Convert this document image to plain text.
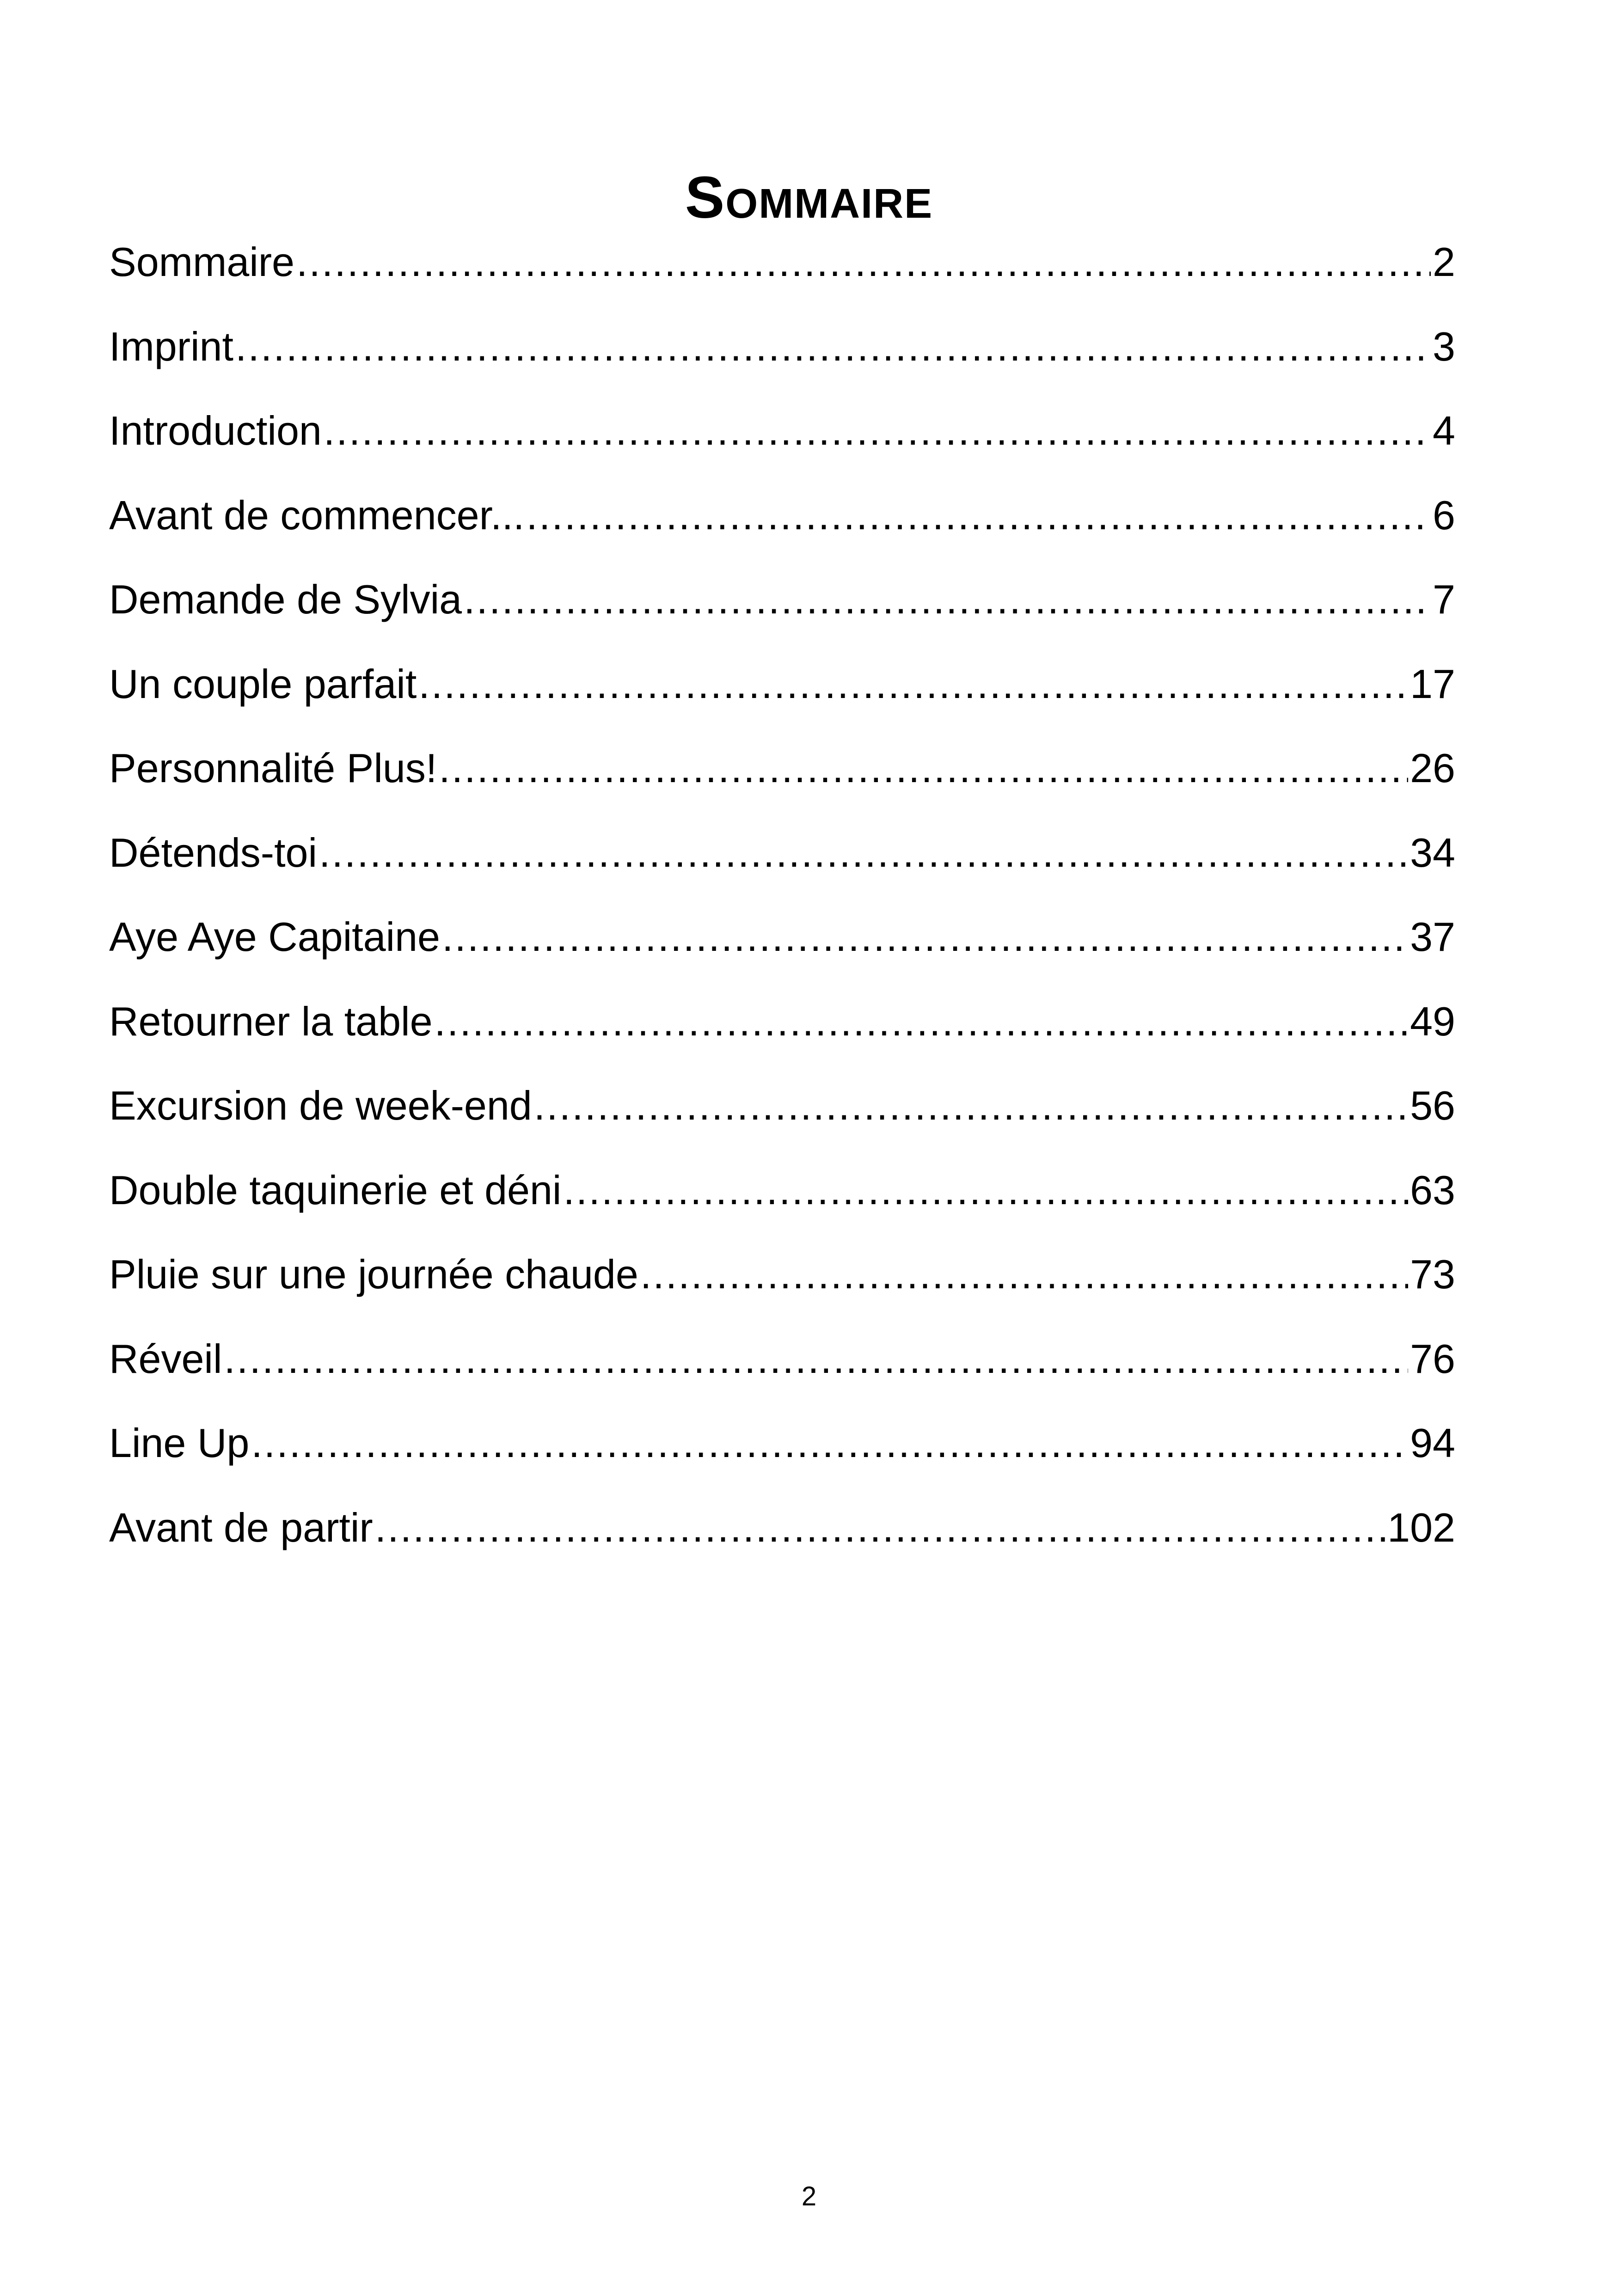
Sommaire
Sommaire .....	2
Imprint .....	3
Introduction .....	4
Avant de commencer... .....	6
Demande de Sylvia .....	7
Un couple parfait .....	17
Personnalité Plus! .....	26
Détends-toi .....	34
Aye Aye Capitaine .....	37
Retourner la table .....	49
Excursion de week-end .....	56
Double taquinerie et déni .....	63
Pluie sur une journée chaude .....	73
Réveil .....	76
Line Up .....	94
Avant de partir .....	102
2
